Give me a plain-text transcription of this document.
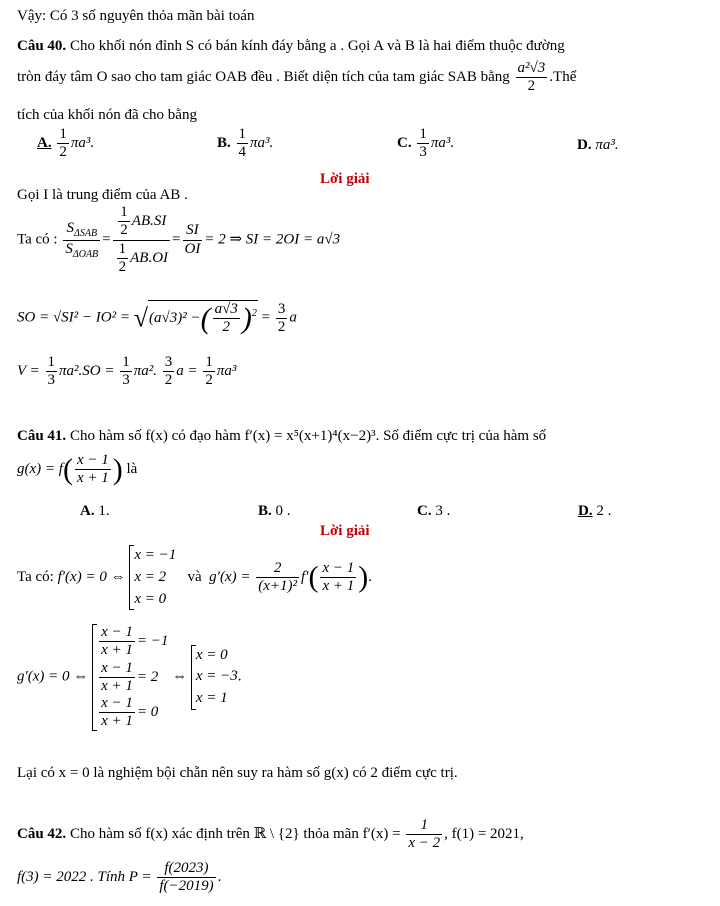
Vậy: Có 3 số nguyên thỏa mãn bài toán
Câu 40. Cho khối nón đỉnh S có bán kính đáy bằng a . Gọi A và B là hai điểm thuộc đường
tròn đáy tâm O sao cho tam giác OAB đều . Biết diện tích của tam giác SAB bằng $\frac{\text{a²√3}}{2}$ .Thể
tích của khối nón đã cho bằng
A. $\frac{1}{2} \pi a^3$.	B. $\frac{1}{4} \pi a^3$.	C. $\frac{1}{3} \pi a^3$.	D. πa³.
Lời giải
Gọi I là trung điểm của AB .
Ta có : $\frac{S_{\Delta SAB}}{S_{\Delta OAB}} = \frac{\frac{1}{2} AB.SI}{\frac{1}{2} AB.OI} = \frac{SI}{OI} = 2$ ⇒ SI = 2OI = a√3
SO = √SI² − IO² = √(a√3)² −( $\frac{a√3}{2} )^2 = \frac{3}{2}$ a
$V = \frac{1}{3} \pi a^2.SO = \frac{1}{3} \pi a^2$. $\frac{3}{2}$ $a = \frac{1}{2} \pi a^3$
Câu 41. Cho hàm số f(x) có đạo hàm f′(x) = x⁵(x+1)⁴(x−2)³. Số điểm cực trị của hàm số
$g(x) = f( \frac{x - 1}{x + 1}$ ) là
A. 1.	B. 0 .	C. 3 .	D. 2 .
Lời giải
Ta có: f′(x) = 0 ⇔
x = −1
x = 2
x = 0
và $g'(x) = \frac{2}{\text{(x+1)²}} f'( \frac{x - 1}{x + 1}$ ).
g′(x) = 0 ⇔
$\frac{x - 1}{x + 1} = -1$
$\frac{x - 1}{x + 1} = 2$
$\frac{x - 1}{x + 1} = 0$
⇔
x = 0
x = −3
x = 1
.
Lại có x = 0 là nghiệm bội chẵn nên suy ra hàm số g(x) có 2 điểm cực trị.
Câu 42. Cho hàm số f(x) xác định trên ℝ \ {2} thỏa mãn $f'(x) = \frac{1}{x - 2}$ , f(1) = 2021,
f(3) = 2022 . Tính $P = \frac{f(2023)}{f(-2019)}$ .
